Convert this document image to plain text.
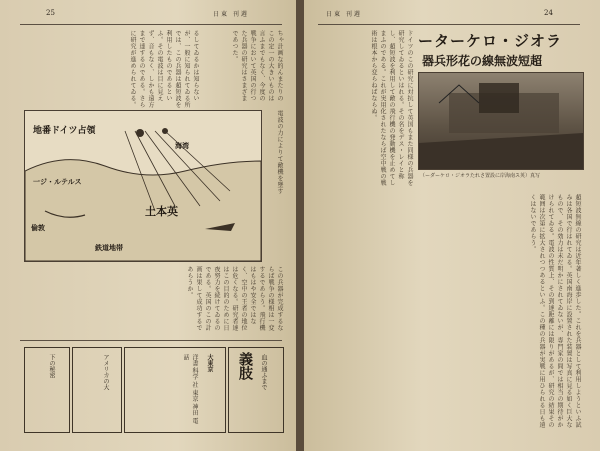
25	日東 刊週
ちゃ計画な的んまたりのこの定一の大きいものは言ふまでもなく、今度の戦争において英国の行つた兵器の研究はさまざまであつた。
るしてゐるかは知らないが、一般に知られてゐる所では、この兵器は超短波を利用したものであるといふ。その電波は目に見えず、音もなく、しかも遠方まで達するのである。さらに研究が進められてゐる。
地番ドイツ占領
海湾
土本英
一ジ・ルテルス
鉄道地帯
倫敦
電波の力によりて敵機を墜す
この兵器が完成するならば戦争の様相は一変するであらう。飛行機はもはや安全ではなく、空中の王者の地位は危くなる。研究者達はこの目的のために日夜努力を続けてゐるのである。英国のこの計画は果して成功するであらうか。
義肢	血の通ふまで
大東京
洋書 科学 社 東京 神田 電話
アメリカの大
下の秘密
日東 刊週	24
ーターケロ・ジオラ
器兵形花の線無波短超
（ーダーケロ・ジオラたれさ置設に岸海南ス英）真写
ドイツのこの研究に対抗して英国もまた同様の兵器を研究してゐるといはれる。その名をデス・レイと称し、超短波を利用して敵の飛行機の発動機を止めてしまふのである。これが実用化されたならば空中戦の戦術は根本から変らねばならぬ。
超短波無線の研究は近年著しく進歩した。これを兵器として利用しようといふ試みは各国で行はれてゐる。英国南海岸に設置された装置は写真に見る如く巨大なもので、その効力は未だ明かにされてゐないが、専門家の間では相当の期待がかけられてゐる。電波の性質上、その到達距離には限りがあるが、研究の結果その範囲は次第に拡大されつつあるといふ。この種の兵器が実戦に用ひられる日も遠くはないであらう。
